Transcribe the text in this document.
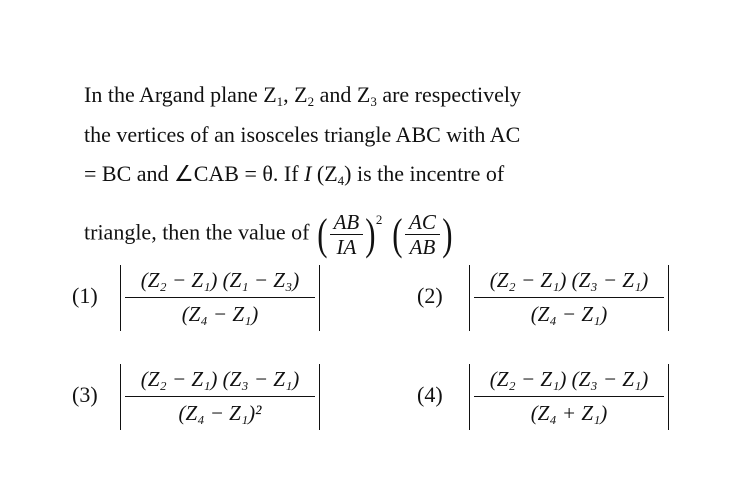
In the Argand plane $Z_1$, $Z_2$ and $Z_3$ are respectively
the vertices of an isosceles triangle ABC with AC
= BC and ∠CAB = θ. If I $(Z_4)$ is the incentre of
triangle, then the value of ( $\frac{AB}{IA} )^2$ ( $\frac{AC}{AB}$ )
(1)
(Z₂ − Z₁) (Z₁ − Z₃)
(Z₄ − Z₁)
(2)
(Z₂ − Z₁) (Z₃ − Z₁)
(Z₄ − Z₁)
(3)
(Z₂ − Z₁) (Z₃ − Z₁)
(Z₄ − Z₁)²
(4)
(Z₂ − Z₁) (Z₃ − Z₁)
(Z₄ + Z₁)
